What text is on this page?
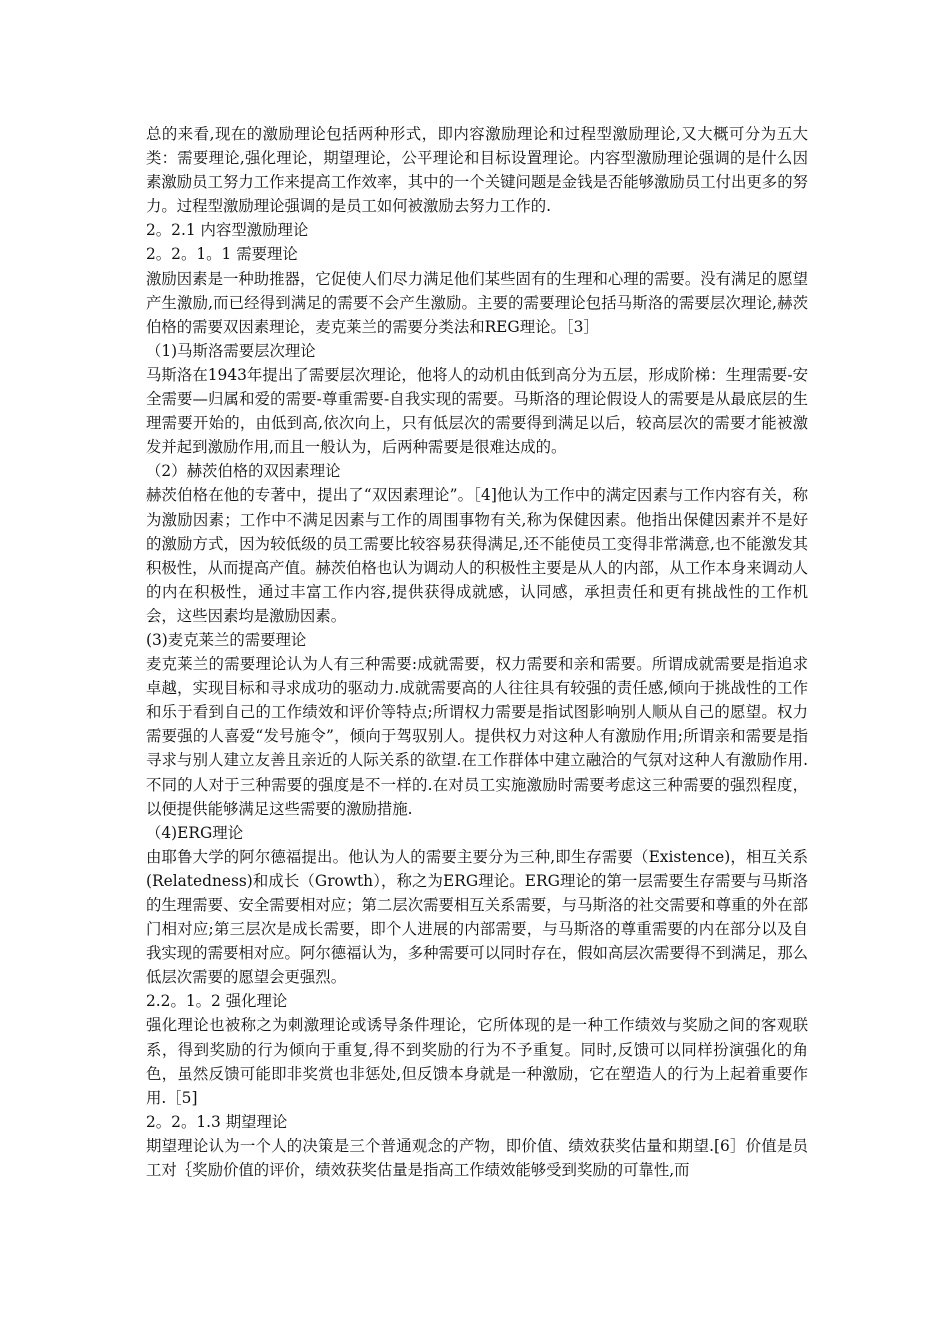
总的来看,现在的激励理论包括两种形式，即内容激励理论和过程型激励理论,又大概可分为五大类：需要理论,强化理论，期望理论，公平理论和目标设置理论。内容型激励理论强调的是什么因素激励员工努力工作来提高工作效率，其中的一个关键问题是金钱是否能够激励员工付出更多的努力。过程型激励理论强调的是员工如何被激励去努力工作的.

2。2.1 内容型激励理论

2。2。1。1 需要理论

激励因素是一种助推器，它促使人们尽力满足他们某些固有的生理和心理的需要。没有满足的愿望产生激励,而已经得到满足的需要不会产生激励。主要的需要理论包括马斯洛的需要层次理论,赫茨伯格的需要双因素理论，麦克莱兰的需要分类法和REG理论。［3］

（1)马斯洛需要层次理论

马斯洛在1943年提出了需要层次理论，他将人的动机由低到高分为五层，形成阶梯：生理需要-安全需要—归属和爱的需要-尊重需要-自我实现的需要。马斯洛的理论假设人的需要是从最底层的生理需要开始的，由低到高,依次向上，只有低层次的需要得到满足以后，较高层次的需要才能被激发并起到激励作用,而且一般认为，后两种需要是很难达成的。

（2）赫茨伯格的双因素理论

赫茨伯格在他的专著中，提出了“双因素理论”。［4]他认为工作中的满定因素与工作内容有关，称为激励因素；工作中不满足因素与工作的周围事物有关,称为保健因素。他指出保健因素并不是好的激励方式，因为较低级的员工需要比较容易获得满足,还不能使员工变得非常满意,也不能激发其积极性，从而提高产值。赫茨伯格也认为调动人的积极性主要是从人的内部，从工作本身来调动人的内在积极性，通过丰富工作内容,提供获得成就感，认同感，承担责任和更有挑战性的工作机会，这些因素均是激励因素。

(3)麦克莱兰的需要理论

麦克莱兰的需要理论认为人有三种需要:成就需要，权力需要和亲和需要。所谓成就需要是指追求卓越，实现目标和寻求成功的驱动力.成就需要高的人往往具有较强的责任感,倾向于挑战性的工作和乐于看到自己的工作绩效和评价等特点;所谓权力需要是指试图影响别人顺从自己的愿望。权力需要强的人喜爱“发号施令”，倾向于驾驭别人。提供权力对这种人有激励作用;所谓亲和需要是指寻求与别人建立友善且亲近的人际关系的欲望.在工作群体中建立融洽的气氛对这种人有激励作用.不同的人对于三种需要的强度是不一样的.在对员工实施激励时需要考虑这三种需要的强烈程度，以便提供能够满足这些需要的激励措施.

（4)ERG理论

由耶鲁大学的阿尔德福提出。他认为人的需要主要分为三种,即生存需要（Existence)，相互关系(Relatedness)和成长（Growth），称之为ERG理论。ERG理论的第一层需要生存需要与马斯洛的生理需要、安全需要相对应；第二层次需要相互关系需要，与马斯洛的社交需要和尊重的外在部门相对应;第三层次是成长需要，即个人进展的内部需要，与马斯洛的尊重需要的内在部分以及自我实现的需要相对应。阿尔德福认为，多种需要可以同时存在，假如高层次需要得不到满足，那么低层次需要的愿望会更强烈。

2.2。1。2 强化理论

强化理论也被称之为刺激理论或诱导条件理论，它所体现的是一种工作绩效与奖励之间的客观联系，得到奖励的行为倾向于重复,得不到奖励的行为不予重复。同时,反馈可以同样扮演强化的角色，虽然反馈可能即非奖赏也非惩处,但反馈本身就是一种激励，它在塑造人的行为上起着重要作用.［5]

2。2。1.3 期望理论

期望理论认为一个人的决策是三个普通观念的产物，即价值、绩效获奖估量和期望.[6］价值是员工对｛奖励价值的评价，绩效获奖估量是指高工作绩效能够受到奖励的可靠性,而
